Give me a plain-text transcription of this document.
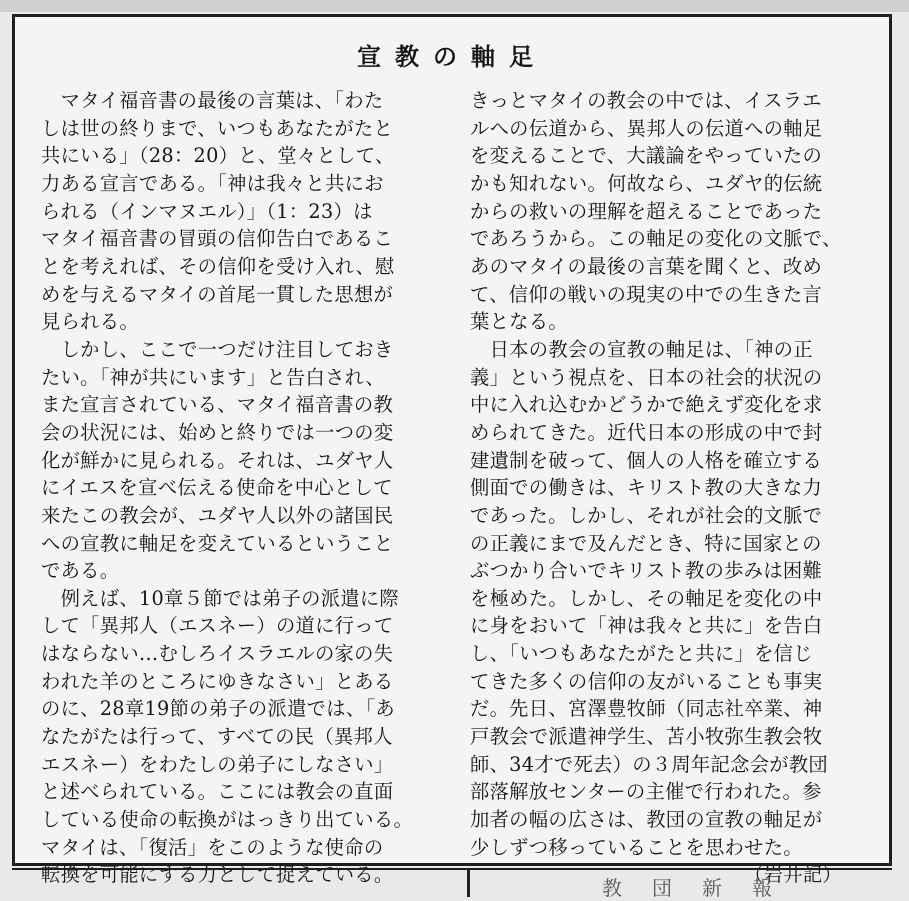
宣教の軸足
　マタイ福音書の最後の言葉は、「わた
しは世の終りまで、いつもあなたがたと
共にいる」（28：20）と、堂々として、
力ある宣言である。「神は我々と共にお
られる（インマヌエル）」（1：23）は
マタイ福音書の冒頭の信仰告白であるこ
とを考えれば、その信仰を受け入れ、慰
めを与えるマタイの首尾一貫した思想が
見られる。
　しかし、ここで一つだけ注目しておき
たい。「神が共にいます」と告白され、
また宣言されている、マタイ福音書の教
会の状況には、始めと終りでは一つの変
化が鮮かに見られる。それは、ユダヤ人
にイエスを宣べ伝える使命を中心として
来たこの教会が、ユダヤ人以外の諸国民
への宣教に軸足を変えているということ
である。
　例えば、10章５節では弟子の派遣に際
して「異邦人（エスネー）の道に行って
はならない…むしろイスラエルの家の失
われた羊のところにゆきなさい」とある
のに、28章19節の弟子の派遣では、「あ
なたがたは行って、すべての民（異邦人
エスネー）をわたしの弟子にしなさい」
と述べられている。ここには教会の直面
している使命の転換がはっきり出ている。
マタイは、「復活」をこのような使命の
転換を可能にする力として捉えている。
きっとマタイの教会の中では、イスラエ
ルへの伝道から、異邦人の伝道への軸足
を変えることで、大議論をやっていたの
かも知れない。何故なら、ユダヤ的伝統
からの救いの理解を超えることであった
であろうから。この軸足の変化の文脈で、
あのマタイの最後の言葉を聞くと、改め
て、信仰の戦いの現実の中での生きた言
葉となる。
　日本の教会の宣教の軸足は、「神の正
義」という視点を、日本の社会的状況の
中に入れ込むかどうかで絶えず変化を求
められてきた。近代日本の形成の中で封
建遺制を破って、個人の人格を確立する
側面での働きは、キリスト教の大きな力
であった。しかし、それが社会的文脈で
の正義にまで及んだとき、特に国家との
ぶつかり合いでキリスト教の歩みは困難
を極めた。しかし、その軸足を変化の中
に身をおいて「神は我々と共に」を告白
し、「いつもあなたがたと共に」を信じ
てきた多くの信仰の友がいることも事実
だ。先日、宮澤豊牧師（同志社卒業、神
戸教会で派遣神学生、苫小牧弥生教会牧
師、34才で死去）の３周年記念会が教団
部落解放センターの主催で行われた。参
加者の幅の広さは、教団の宣教の軸足が
少しずつ移っていることを思わせた。
（岩井記）
教団新報
